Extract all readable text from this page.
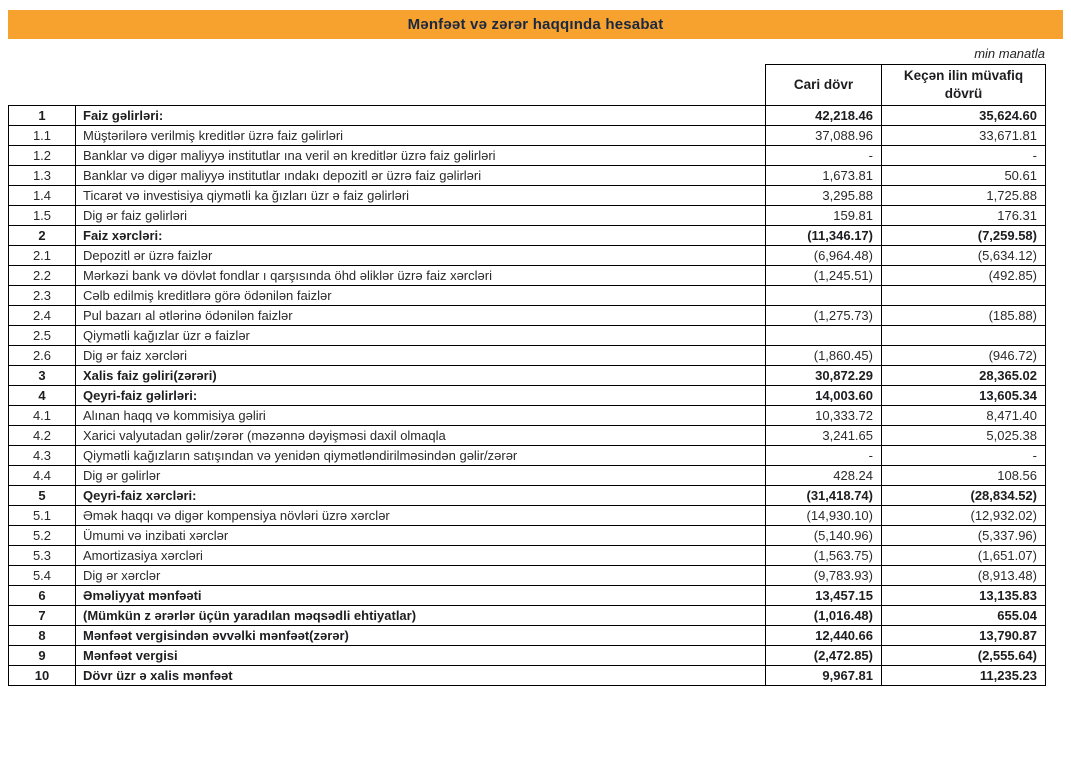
Mənfəət və zərər haqqında hesabat
min manatla
		Cari dövr	Keçən ilin müvafiq dövrü
1	Faiz gəlirləri:	42,218.46	35,624.60
1.1	Müştərilərə verilmiş kreditlər üzrə faiz gəlirləri	37,088.96	33,671.81
1.2	Banklar və digər maliyyə institutlar ına veril ən kreditlər üzrə faiz gəlirləri	-	-
1.3	Banklar və digər maliyyə institutlar ındakı depozitl ər üzrə faiz gəlirləri	1,673.81	50.61
1.4	Ticarət və investisiya qiymətli ka ğızları üzr ə faiz gəlirləri	3,295.88	1,725.88
1.5	Dig ər faiz gəlirləri	159.81	176.31
2	Faiz xərcləri:	(11,346.17)	(7,259.58)
2.1	Depozitl ər üzrə faizlər	(6,964.48)	(5,634.12)
2.2	Mərkəzi bank və dövlət fondlar ı qarşısında öhd əliklər üzrə faiz xərcləri	(1,245.51)	(492.85)
2.3	Cəlb edilmiş kreditlərə görə ödənilən faizlər		
2.4	Pul bazarı al ətlərinə ödənilən faizlər	(1,275.73)	(185.88)
2.5	Qiymətli kağızlar üzr ə faizlər		
2.6	Dig ər faiz xərcləri	(1,860.45)	(946.72)
3	Xalis faiz gəliri(zərəri)	30,872.29	28,365.02
4	Qeyri-faiz gəlirləri:	14,003.60	13,605.34
4.1	Alınan haqq və kommisiya gəliri	10,333.72	8,471.40
4.2	Xarici valyutadan gəlir/zərər (məzənnə dəyişməsi daxil olmaqla	3,241.65	5,025.38
4.3	Qiymətli kağızların satışından və yenidən qiymətləndirilməsindən gəlir/zərər	-	-
4.4	Dig ər gəlirlər	428.24	108.56
5	Qeyri-faiz xərcləri:	(31,418.74)	(28,834.52)
5.1	Əmək haqqı və digər kompensiya növləri üzrə xərclər	(14,930.10)	(12,932.02)
5.2	Ümumi və inzibati xərclər	(5,140.96)	(5,337.96)
5.3	Amortizasiya xərcləri	(1,563.75)	(1,651.07)
5.4	Dig ər xərclər	(9,783.93)	(8,913.48)
6	Əməliyyat mənfəəti	13,457.15	13,135.83
7	(Mümkün z ərərlər üçün yaradılan məqsədli ehtiyatlar)	(1,016.48)	655.04
8	Mənfəət vergisindən əvvəlki mənfəət(zərər)	12,440.66	13,790.87
9	Mənfəət vergisi	(2,472.85)	(2,555.64)
10	Dövr üzr ə xalis mənfəət	9,967.81	11,235.23
